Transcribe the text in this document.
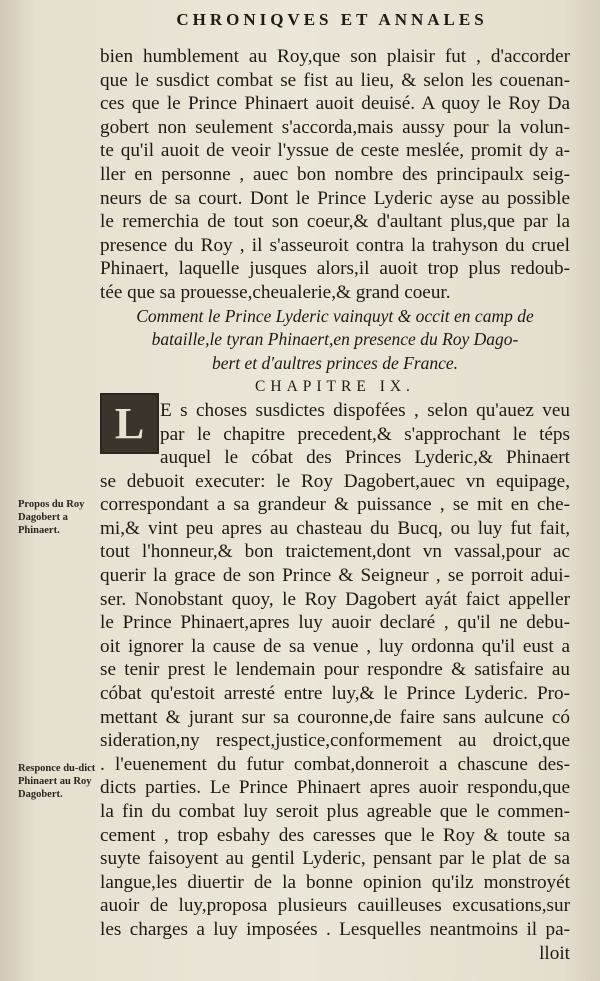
CHRONIQVES ET ANNALES
bien humblement au Roy,que son plaisir fut , d'accorder
que le susdict combat se fist au lieu, & selon les couenan-
ces que le Prince Phinaert auoit deuisé. A quoy le Roy Da
gobert non seulement s'accorda,mais aussy pour la volun-
te qu'il auoit de veoir l'yssue de ceste meslée, promit dy a-
ller en personne , auec bon nombre des principaulx seig-
neurs de sa court. Dont le Prince Lyderic ayse au possible
le remerchia de tout son coeur,& d'aultant plus,que par la
presence du Roy , il s'asseuroit contra la trahyson du cruel
Phinaert, laquelle jusques alors,il auoit trop plus redoub-
tée que sa prouesse,cheualerie,& grand coeur.
Comment le Prince Lyderic vainquyt & occit en camp de
bataille,le tyran Phinaert,en presence du Roy Dago-
bert et d'aultres princes de France.
CHAPITRE IX.
E s choses susdictes dispofées , selon qu'auez veu
par le chapitre precedent,& s'approchant le téps
auquel le cóbat des Princes Lyderic,& Phinaert
se debuoit executer: le Roy Dagobert,auec vn equipage,
correspondant a sa grandeur & puissance , se mit en che-
mi,& vint peu apres au chasteau du Bucq, ou luy fut fait,
tout l'honneur,& bon traictement,dont vn vassal,pour ac
querir la grace de son Prince & Seigneur , se porroit adui-
ser. Nonobstant quoy, le Roy Dagobert ayát faict appeller
le Prince Phinaert,apres luy auoir declaré , qu'il ne debu-
oit ignorer la cause de sa venue , luy ordonna qu'il eust a
se tenir prest le lendemain pour respondre & satisfaire au
cóbat qu'estoit arresté entre luy,& le Prince Lyderic. Pro-
mettant & jurant sur sa couronne,de faire sans aulcune có
sideration,ny respect,justice,conformement au droict,que
. l'euenement du futur combat,donneroit a chascune des-
dicts parties. Le Prince Phinaert apres auoir respondu,que
la fin du combat luy seroit plus agreable que le commen-
cement , trop esbahy des caresses que le Roy & toute sa
suyte faisoyent au gentil Lyderic, pensant par le plat de sa
langue,les diuertir de la bonne opinion qu'ilz monstroyét
auoir de luy,proposa plusieurs cauilleuses excusations,sur
les charges a luy imposées . Lesquelles neantmoins il pa-
lloit
L
Propos du Roy Dagobert a Phinaert.
Responce du-dict Phinaert au Roy Dagobert.
